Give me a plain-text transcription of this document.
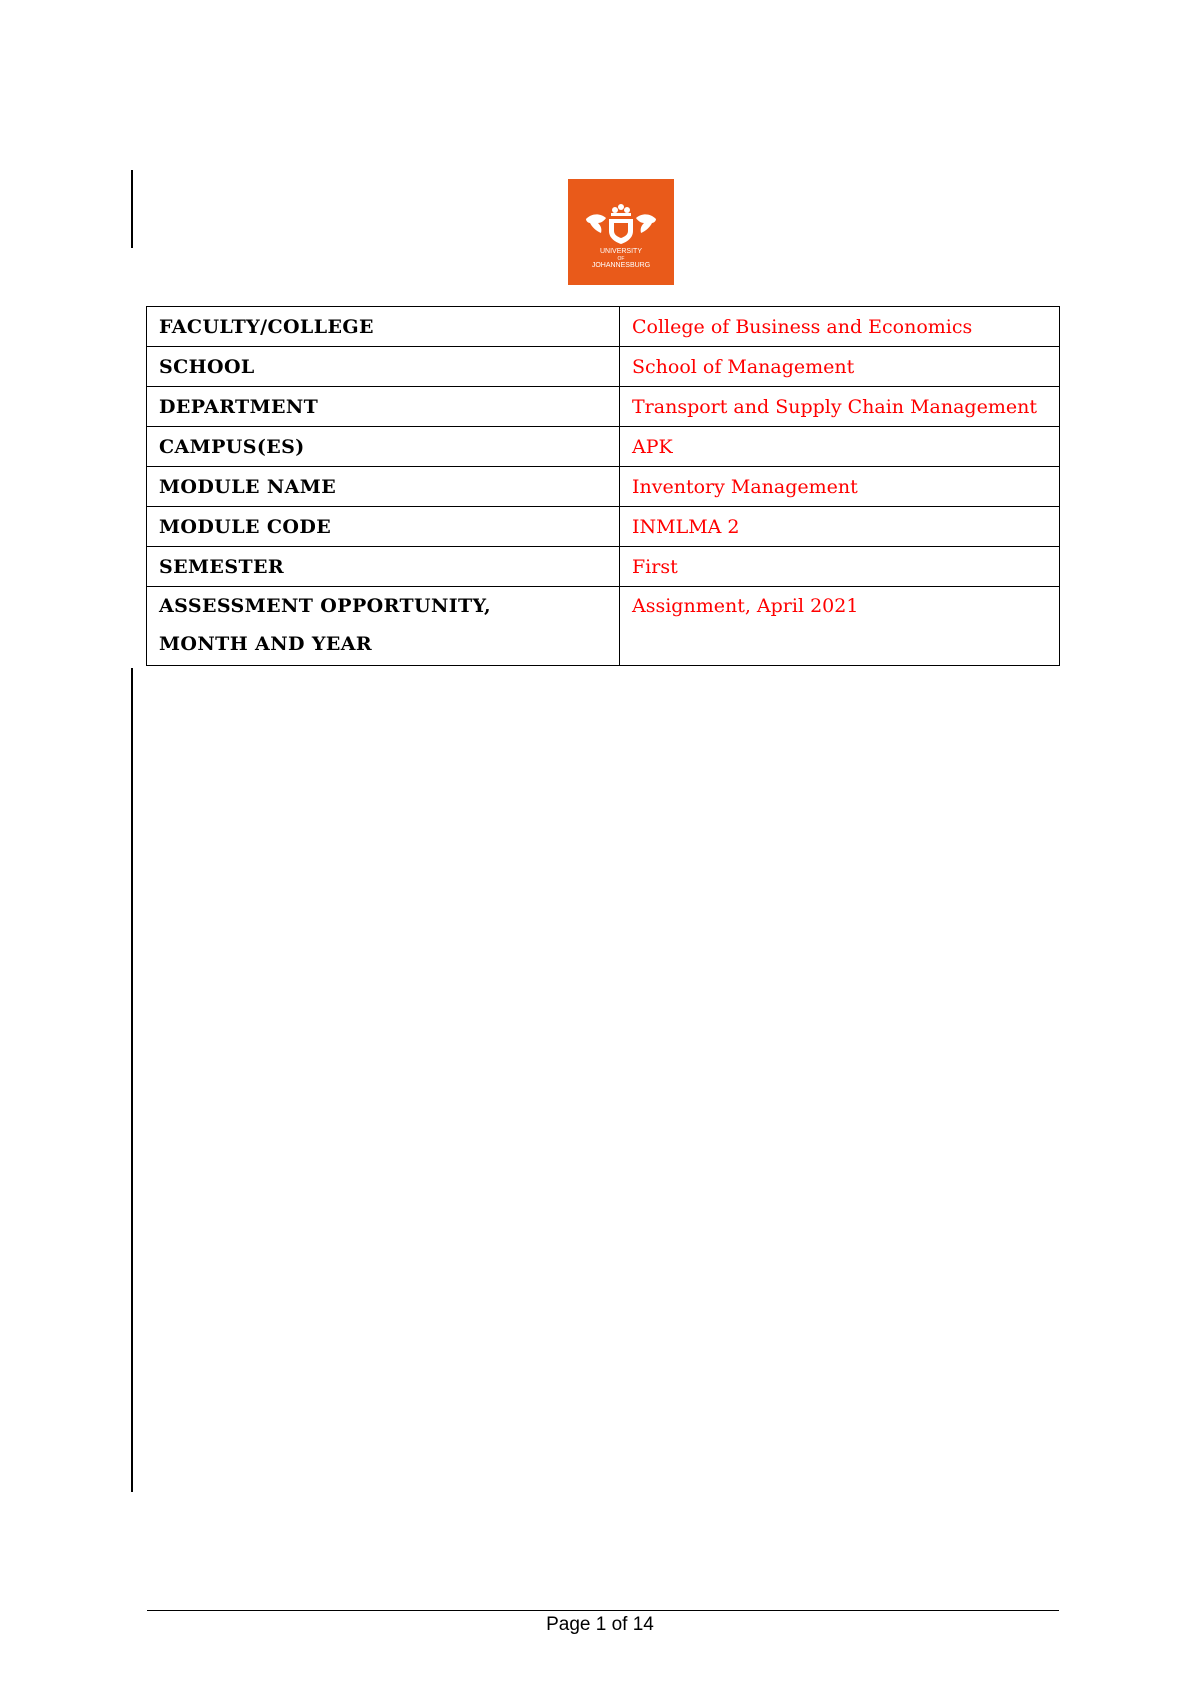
UNIVERSITY
OF
JOHANNESBURG
FACULTY/COLLEGE	College of Business and Economics
SCHOOL	School of Management
DEPARTMENT	Transport and Supply Chain Management
CAMPUS(ES)	APK
MODULE NAME	Inventory Management
MODULE CODE	INMLMA 2
SEMESTER	First

ASSESSMENT OPPORTUNITY,
MONTH AND YEAR	Assignment, April 2021
Page 1 of 14
